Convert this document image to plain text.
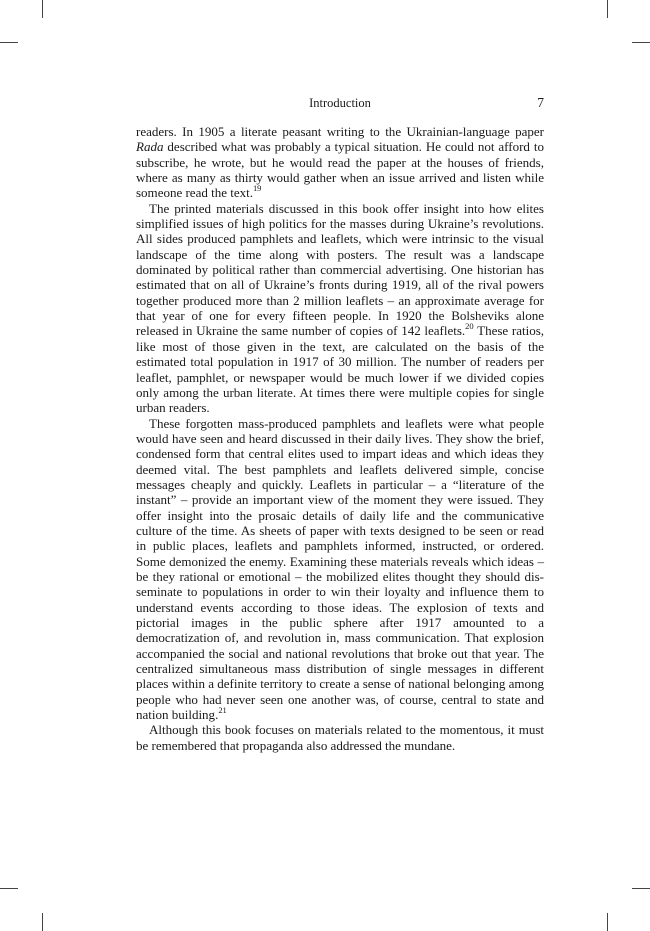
Introduction	7

readers. In 1905 a literate peasant writing to the Ukrainian-language paper Rada described what was probably a typical situation. He could not afford to subscribe, he wrote, but he would read the paper at the houses of friends, where as many as thirty would gather when an issue arrived and listen while someone read the text.$^{19}$

The printed materials discussed in this book offer insight into how elites simplified issues of high politics for the masses during Ukraine’s revolutions. All sides produced pamphlets and leaflets, which were intrinsic to the visual landscape of the time along with posters. The result was a landscape dominated by political rather than commercial advertising. One historian has estimated that on all of Ukraine’s fronts during 1919, all of the rival powers together produced more than 2 million leaflets – an approximate average for that year of one for every fifteen people. In 1920 the Bolsheviks alone released in Ukraine the same number of copies of 142 leaflets.$^{20}$ These ratios, like most of those given in the text, are calculated on the basis of the estimated total population in 1917 of 30 million. The number of readers per leaflet, pamphlet, or newspaper would be much lower if we divided copies only among the urban literate. At times there were multiple copies for single urban readers.

These forgotten mass-produced pamphlets and leaflets were what people would have seen and heard discussed in their daily lives. They show the brief, condensed form that central elites used to impart ideas and which ideas they deemed vital. The best pamphlets and leaflets delivered simple, concise messages cheaply and quickly. Leaflets in particular – a “literature of the instant” – provide an important view of the moment they were issued. They offer insight into the prosaic details of daily life and the communicative culture of the time. As sheets of paper with texts designed to be seen or read in public places, leaflets and pamphlets informed, instructed, or ordered. Some demonized the enemy. Examining these materials reveals which ideas – be they rational or emotional – the mobilized elites thought they should disseminate to populations in order to win their loyalty and influence them to understand events according to those ideas. The explosion of texts and pictorial images in the public sphere after 1917 amounted to a democratization of, and revolution in, mass communication. That explosion accompanied the social and national revolutions that broke out that year. The centralized simultaneous mass distribution of single messages in different places within a definite territory to create a sense of national belonging among people who had never seen one another was, of course, central to state and nation building.$^{21}$

Although this book focuses on materials related to the momentous, it must be remembered that propaganda also addressed the mundane.
